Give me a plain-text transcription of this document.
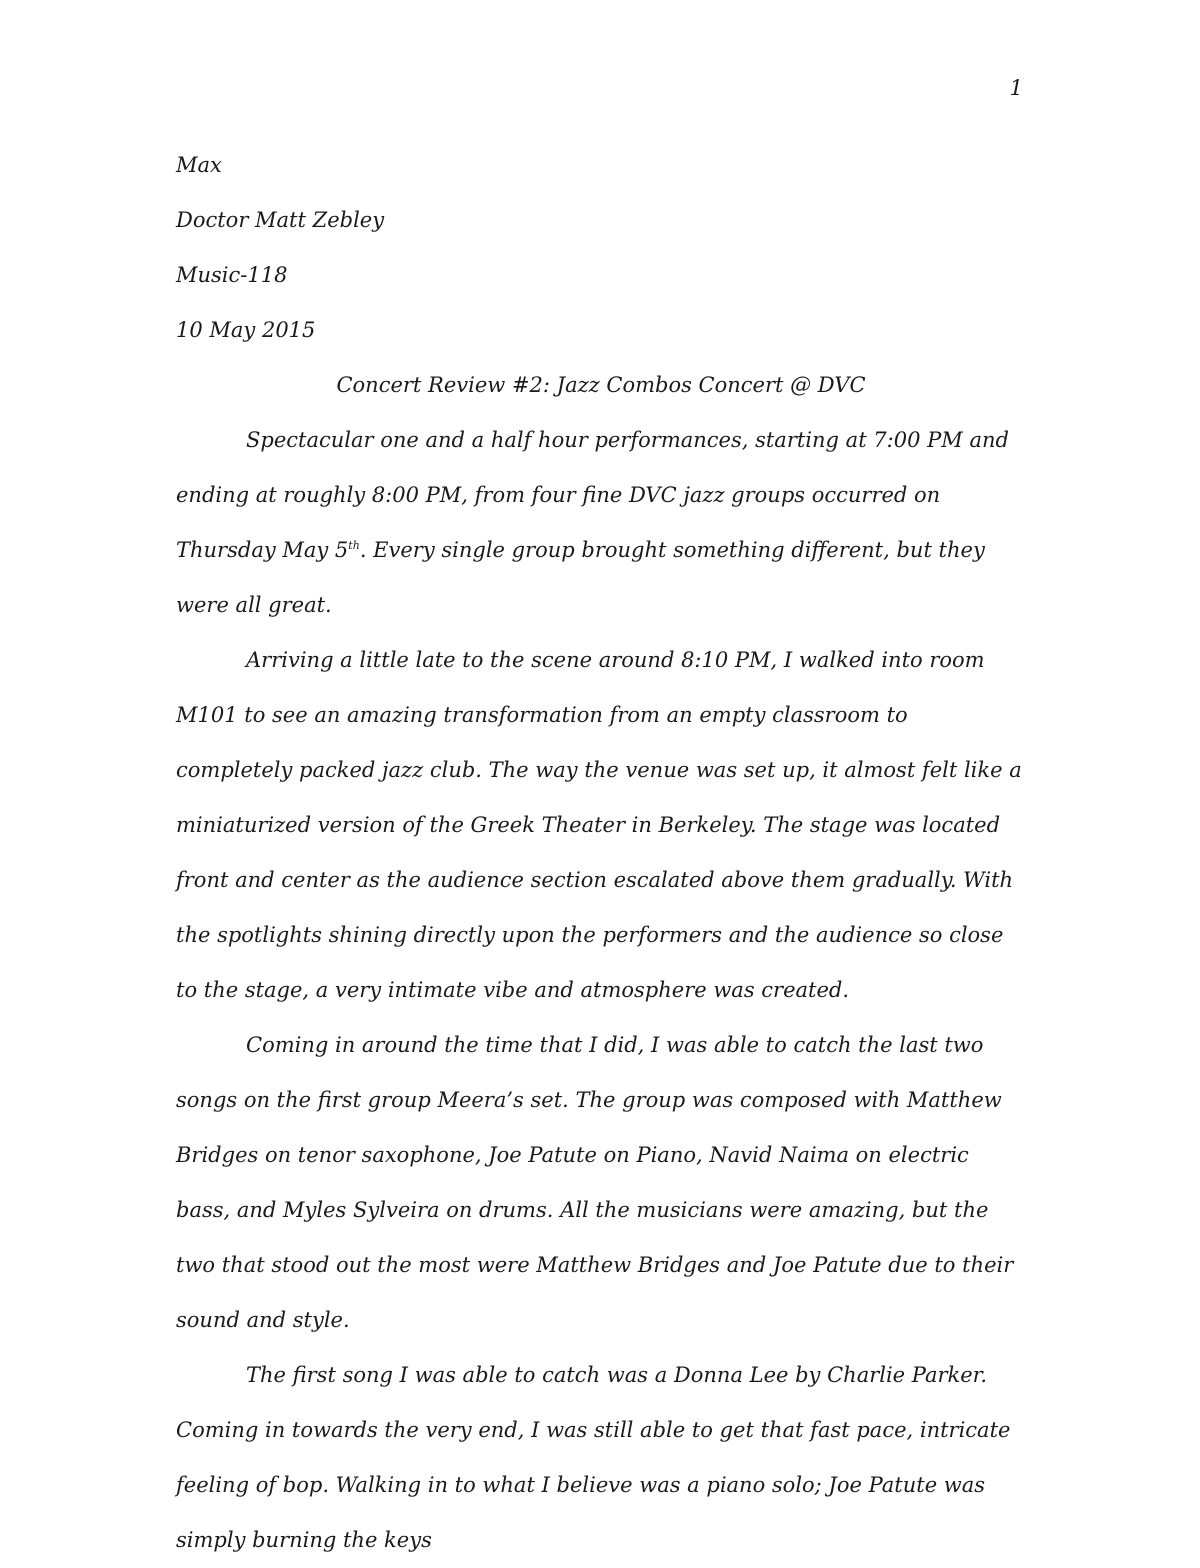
1

Max

Doctor Matt Zebley

Music-118

10 May 2015

Concert Review #2: Jazz Combos Concert @ DVC

Spectacular one and a half hour performances, starting at 7:00 PM and ending at roughly 8:00 PM, from four fine DVC jazz groups occurred on Thursday May 5th. Every single group brought something different, but they were all great.

Arriving a little late to the scene around 8:10 PM, I walked into room M101 to see an amazing transformation from an empty classroom to completely packed jazz club. The way the venue was set up, it almost felt like a miniaturized version of the Greek Theater in Berkeley. The stage was located front and center as the audience section escalated above them gradually. With the spotlights shining directly upon the performers and the audience so close to the stage, a very intimate vibe and atmosphere was created.

Coming in around the time that I did, I was able to catch the last two songs on the first group Meera’s set. The group was composed with Matthew Bridges on tenor saxophone, Joe Patute on Piano, Navid Naima on electric bass, and Myles Sylveira on drums. All the musicians were amazing, but the two that stood out the most were Matthew Bridges and Joe Patute due to their sound and style.

The first song I was able to catch was a Donna Lee by Charlie Parker. Coming in towards the very end, I was still able to get that fast pace, intricate feeling of bop. Walking in to what I believe was a piano solo; Joe Patute was simply burning the keys
